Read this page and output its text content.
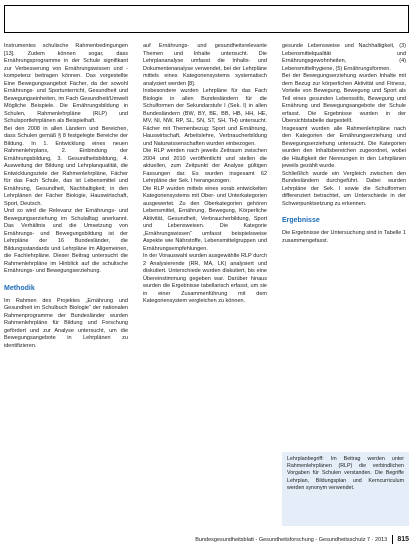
Instrumentes schulische Rahmenbedingungen [13]. Zudem können sogar, dass Ernährungsprogramme in der Schule signifikant zur Verbesserung von Ernährungswissen und -kompetenz beitragen können. Das vorgestellte Eine Bewegungsangebot Fächer, da der sowohl Ernährungs- und Sportunterricht, Gesundheit und Bewegungseinheiten, im Fach Gesundheit/Umwelt Mögliche Beispiele. Die Ernährungsbildung in Schulen, Rahmenlehrpläne (RLP) und Schulsportlehrplänen als Beispielhaft.

Bei den 2008 in allen Ländern und Bereichen, dass Schulen gemäß § 8 festgelegte Bereiche der Bildung. In 1. Entwicklung eines neuen Rahmenlehrplans, 2. Einbindung der Ernährungsbildung, 3. Gesundheitsbildung, 4. Ausweitung der Bildung und Lehrplanqualität, die Entwicklungsziele der Rahmenlehrpläne, Fächer für das Fach Schule, das ist Lebensmittel und Ernährung, Gesundheit, Nachhaltigkeit; in den Lehrplänen der Fächer Biologie, Hauswirtschaft, Sport, Deutsch.

Und so wird die Relevanz der Ernährungs- und Bewegungserziehung im Schulalltag anerkannt. Das Verhältnis und die Umsetzung von Ernährungs- und Bewegungsbildung ist der Lehrpläne der 16 Bundesländer, die Bildungsstandards und Lehrpläne im Allgemeinen, die Fachlehrpläne. Dieser Beitrag untersucht die Rahmenlehrpläne im Hinblick auf die schulische Ernährungs- und Bewegungserziehung.

Methodik

Im Rahmen des Projektes „Ernährung und Gesundheit im Schulbuch Biologie“ der nationalen Rahmenprogramme der Bundesländer wurden Rahmenlehrpläne für Bildung und Forschung gefördert und zur Analyse untersucht, um die Bewegungsangebote in Lehrplänen zu identifizieren.

auf Ernährungs- und gesundheitsrelevante Themen und Inhalte untersucht. Die Lehrplananalyse umfasst die Inhalts- und Dokumentenanalyse verwendet, bei der Lehrpläne mittels eines Kategoriensystems systematisch analysiert werden [8].

Insbesondere wurden Lehrpläne für das Fach Biologie in allen Bundesländern für die Schulformen der Sekundarstufe I (Sek. I) in allen Bundesländern (BW, BY, BE, BB, HB, HH, HE, MV, NI, NW, RP, SL, SN, ST, SH, TH) untersucht. Fächer mit Themenbezug: Sport und Ernährung, Hauswirtschaft, Arbeitslehre, Verbraucherbildung und Naturwissenschaften wurden einbezogen.

Die RLP werden nach jeweils Zeitraum zwischen 2004 und 2010 veröffentlicht und stellen die aktuellen, zum Zeitpunkt der Analyse gültigen Fassungen dar. Es wurden insgesamt 62 Lehrpläne der Sek. I herangezogen.

Die RLP wurden mittels eines vorab entwickelten Kategoriensystems mit Ober- und Unterkategorien ausgewertet. Zu den Oberkategorien gehören Lebensmittel, Ernährung, Bewegung, Körperliche Aktivität, Gesundheit, Verbraucherbildung, Sport und Lebensweisen. Die Kategorie „Ernährungswissen“ umfasst beispielsweise Aspekte wie Nährstoffe, Lebensmittelgruppen und Ernährungsempfehlungen.

In der Vorauswahl wurden ausgewählte RLP durch 2 Analysierende (RR, MA, LK) analysiert und diskutiert. Unterschiede wurden diskutiert, bis eine Übereinstimmung gegeben war. Darüber hinaus wurden die Ergebnisse tabellarisch erfasst, um sie in einer Zusammenführung mit dem Kategoriensystem vergleichen zu können.

gesunde Lebensweise und Nachhaltigkeit, (3) Lebensmittelqualität und Ernährungsgewohnheiten, (4) Lebensmittelhygiene, (5) Ernährungsformen.

Bei der Bewegungserziehung wurden Inhalte mit dem Bezug zur körperlichen Aktivität und Fitness, Vorteile von Bewegung, Bewegung und Sport als Teil eines gesunden Lebensstils, Bewegung und Ernährung und Bewegungsangebote der Schule erfasst. Die Ergebnisse wurden in der Übersichtstabelle dargestellt.

Insgesamt wurden alle Rahmenlehrpläne nach den Kategorien der Ernährungserziehung und Bewegungserziehung untersucht. Die Kategorien wurden den Inhaltsbereichen zugeordnet, wobei die Häufigkeit der Nennungen in den Lehrplänen jeweils gezählt wurde.

Schließlich wurde ein Vergleich zwischen den Bundesländern durchgeführt. Dabei wurden Lehrpläne der Sek. I sowie die Schulformen differenziert betrachtet, um Unterschiede in der Schwerpunktsetzung zu erkennen.

Ergebnisse

Die Ergebnisse der Untersuchung sind in Tabelle 1 zusammengefasst.

Lehrplanbegriff: Im Beitrag werden unter Rahmenlehrplänen (RLP) die verbindlichen Vorgaben für Schulen verstanden. Die Begriffe Lehrplan, Bildungsplan und Kerncurriculum werden synonym verwendet.
Bundesgesundheitsblatt - Gesundheitsforschung - Gesundheitsschutz 7 · 2013 815
